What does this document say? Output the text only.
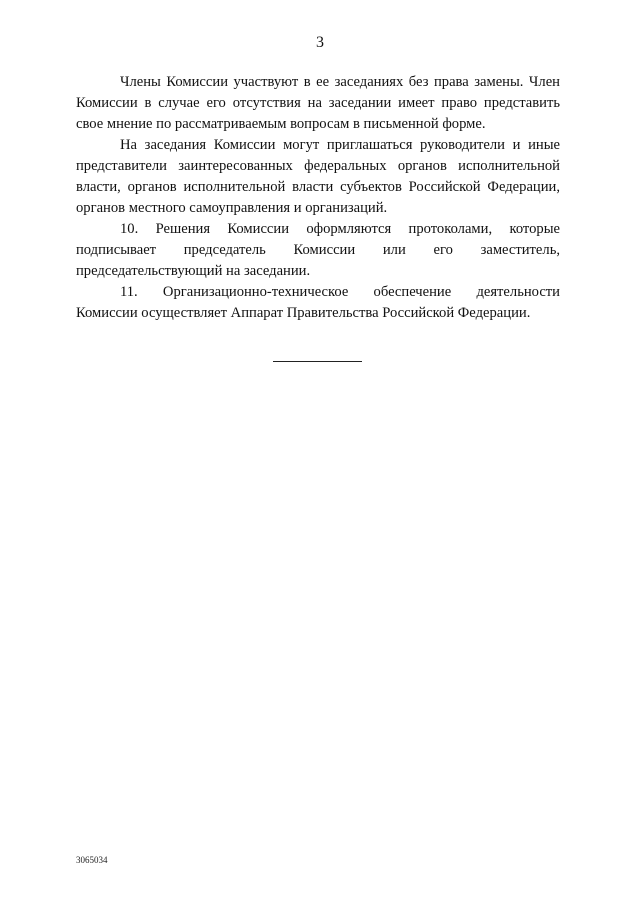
3

Члены Комиссии участвуют в ее заседаниях без права замены. Член Комиссии в случае его отсутствия на заседании имеет право представить свое мнение по рассматриваемым вопросам в письменной форме.

На заседания Комиссии могут приглашаться руководители и иные представители заинтересованных федеральных органов исполнительной власти, органов исполнительной власти субъектов Российской Федерации, органов местного самоуправления и организаций.

10. Решения Комиссии оформляются протоколами, которые подписывает председатель Комиссии или его заместитель, председательствующий на заседании.

11. Организационно-техническое обеспечение деятельности Комиссии осуществляет Аппарат Правительства Российской Федерации.

3065034
